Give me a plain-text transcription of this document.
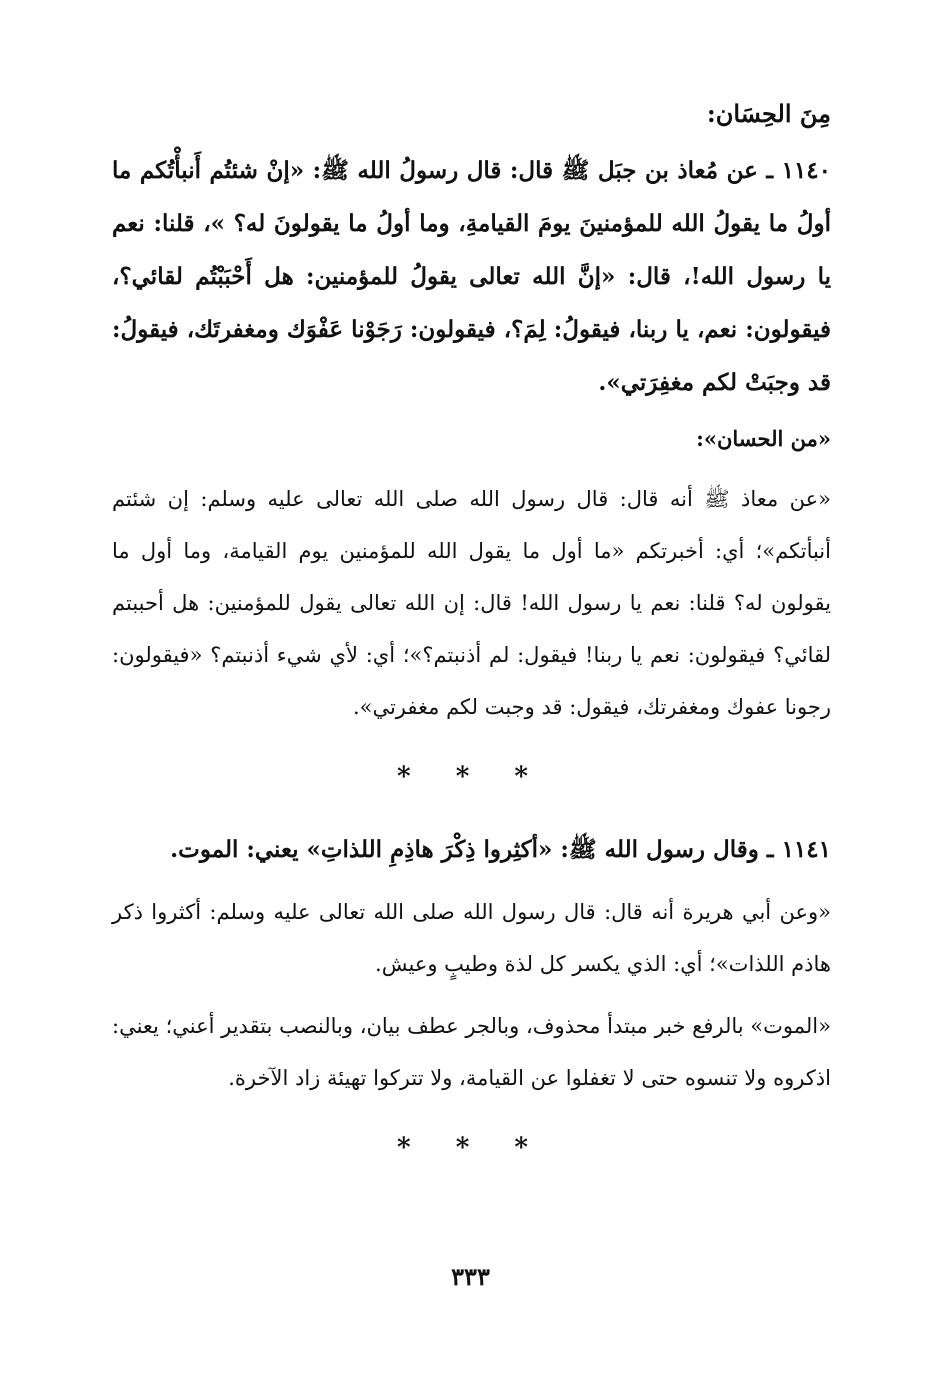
مِنَ الحِسَان:

١١٤٠ ـ عن مُعاذ بن جبَل ﷺ قال: قال رسولُ الله ﷺ: «إنْ شئتُم أَنبأْتُكم ما أولُ ما يقولُ الله للمؤمنينَ يومَ القيامةِ، وما أولُ ما يقولونَ له؟ »، قلنا: نعم يا رسول الله!، قال: «إنَّ الله تعالى يقولُ للمؤمنين: هل أَحْبَبْتُم لقائي؟، فيقولون: نعم، يا ربنا، فيقولُ: لِمَ؟، فيقولون: رَجَوْنا عَفْوَك ومغفرتَك، فيقولُ: قد وجبَتْ لكم مغفِرَتي».

«من الحسان»:

«عن معاذ ﷺ أنه قال: قال رسول الله صلى الله تعالى عليه وسلم: إن شئتم أنبأتكم»؛ أي: أخبرتكم «ما أول ما يقول الله للمؤمنين يوم القيامة، وما أول ما يقولون له؟ قلنا: نعم يا رسول الله! قال: إن الله تعالى يقول للمؤمنين: هل أحببتم لقائي؟ فيقولون: نعم يا ربنا! فيقول: لم أذنبتم؟»؛ أي: لأي شيء أذنبتم؟ «فيقولون: رجونا عفوك ومغفرتك، فيقول: قد وجبت لكم مغفرتي».

* * *

١١٤١ ـ وقال رسول الله ﷺ: «أكثِروا ذِكْرَ هاذِمِ اللذاتِ» يعني: الموت.

«وعن أبي هريرة أنه قال: قال رسول الله صلى الله تعالى عليه وسلم: أكثروا ذكر هاذم اللذات»؛ أي: الذي يكسر كل لذة وطيبٍ وعيش.

«الموت» بالرفع خبر مبتدأ محذوف، وبالجر عطف بيان، وبالنصب بتقدير أعني؛ يعني: اذكروه ولا تنسوه حتى لا تغفلوا عن القيامة، ولا تتركوا تهيئة زاد الآخرة.

* * *
٣٣٣
